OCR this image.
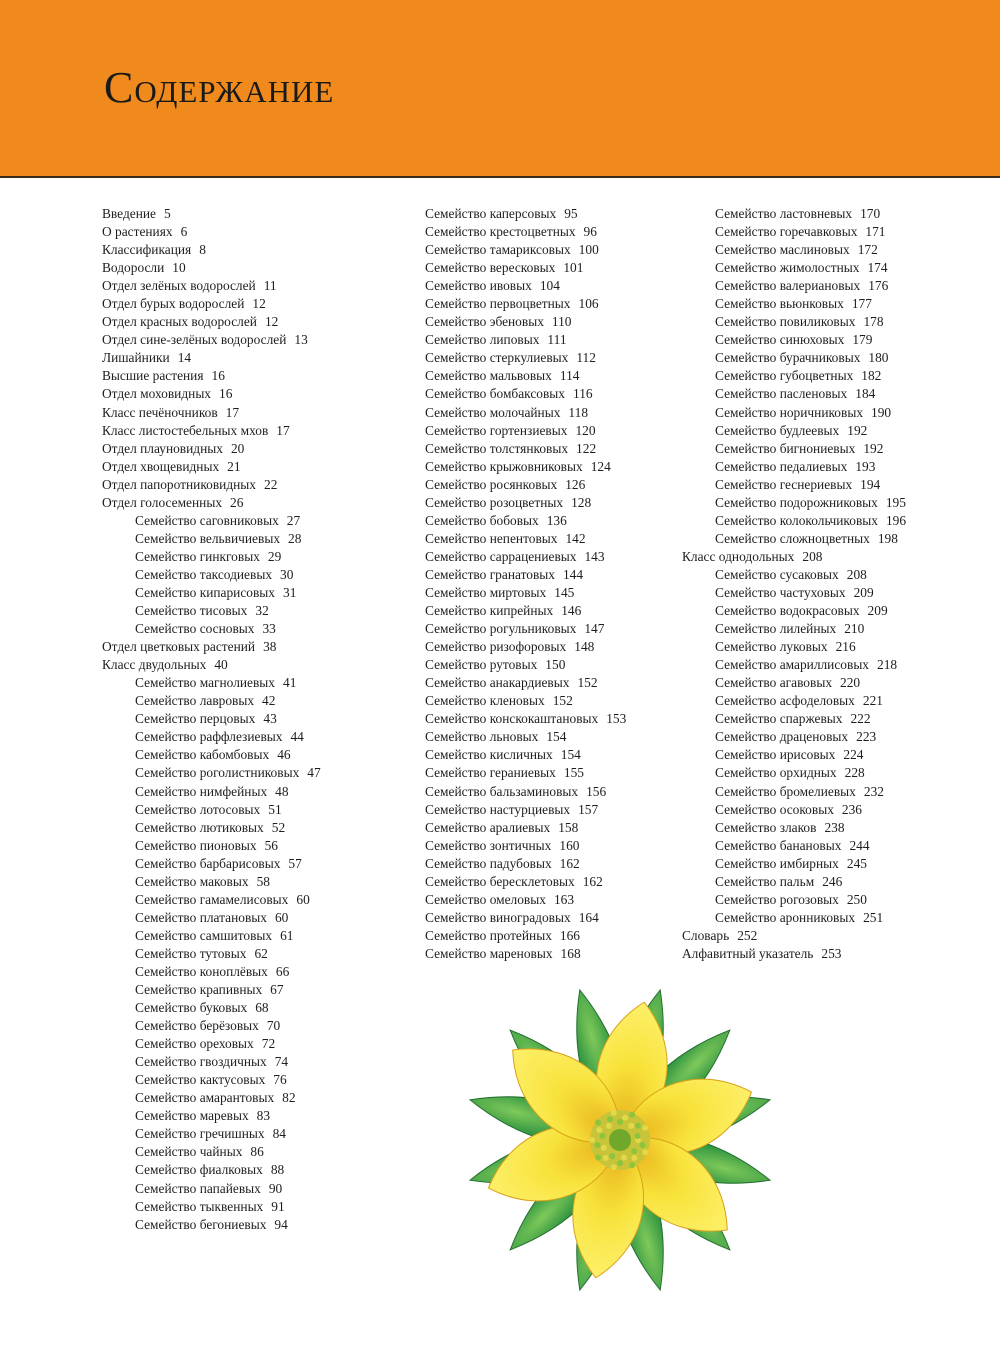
Содержание
Введение 5
О растениях 6
Классификация 8
Водоросли 10
Отдел зелёных водорослей 11
Отдел бурых водорослей 12
Отдел красных водорослей 12
Отдел сине-зелёных водорослей 13
Лишайники 14
Высшие растения 16
Отдел моховидных 16
Класс печёночников 17
Класс листостебельных мхов 17
Отдел плауновидных 20
Отдел хвощевидных 21
Отдел папоротниковидных 22
Отдел голосеменных 26
Семейство саговниковых 27
Семейство вельвичиевых 28
Семейство гинкговых 29
Семейство таксодиевых 30
Семейство кипарисовых 31
Семейство тисовых 32
Семейство сосновых 33
Отдел цветковых растений 38
Класс двудольных 40
Семейство магнолиевых 41
Семейство лавровых 42
Семейство перцовых 43
Семейство раффлезиевых 44
Семейство кабомбовых 46
Семейство роголистниковых 47
Семейство нимфейных 48
Семейство лотосовых 51
Семейство лютиковых 52
Семейство пионовых 56
Семейство барбарисовых 57
Семейство маковых 58
Семейство гамамелисовых 60
Семейство платановых 60
Семейство самшитовых 61
Семейство тутовых 62
Семейство коноплёвых 66
Семейство крапивных 67
Семейство буковых 68
Семейство берёзовых 70
Семейство ореховых 72
Семейство гвоздичных 74
Семейство кактусовых 76
Семейство амарантовых 82
Семейство маревых 83
Семейство гречишных 84
Семейство чайных 86
Семейство фиалковых 88
Семейство папайевых 90
Семейство тыквенных 91
Семейство бегониевых 94
Семейство каперсовых 95
Семейство крестоцветных 96
Семейство тамариксовых 100
Семейство вересковых 101
Семейство ивовых 104
Семейство первоцветных 106
Семейство эбеновых 110
Семейство липовых 111
Семейство стеркулиевых 112
Семейство мальвовых 114
Семейство бомбаксовых 116
Семейство молочайных 118
Семейство гортензиевых 120
Семейство толстянковых 122
Семейство крыжовниковых 124
Семейство росянковых 126
Семейство розоцветных 128
Семейство бобовых 136
Семейство непентовых 142
Семейство саррацениевых 143
Семейство гранатовых 144
Семейство миртовых 145
Семейство кипрейных 146
Семейство рогульниковых 147
Семейство ризофоровых 148
Семейство рутовых 150
Семейство анакардиевых 152
Семейство кленовых 152
Семейство конскокаштановых 153
Семейство льновых 154
Семейство кисличных 154
Семейство гераниевых 155
Семейство бальзаминовых 156
Семейство настурциевых 157
Семейство аралиевых 158
Семейство зонтичных 160
Семейство падубовых 162
Семейство бересклетовых 162
Семейство омеловых 163
Семейство виноградовых 164
Семейство протейных 166
Семейство мареновых 168
Семейство ластовневых 170
Семейство горечавковых 171
Семейство маслиновых 172
Семейство жимолостных 174
Семейство валериановых 176
Семейство вьюнковых 177
Семейство повиликовых 178
Семейство синюховых 179
Семейство бурачниковых 180
Семейство губоцветных 182
Семейство пасленовых 184
Семейство норичниковых 190
Семейство будлеевых 192
Семейство бигнониевых 192
Семейство педалиевых 193
Семейство геснериевых 194
Семейство подорожниковых 195
Семейство колокольчиковых 196
Семейство сложноцветных 198
Класс однодольных 208
Семейство сусаковых 208
Семейство частуховых 209
Семейство водокрасовых 209
Семейство лилейных 210
Семейство луковых 216
Семейство амариллисовых 218
Семейство агавовых 220
Семейство асфоделовых 221
Семейство спаржевых 222
Семейство драценовых 223
Семейство ирисовых 224
Семейство орхидных 228
Семейство бромелиевых 232
Семейство осоковых 236
Семейство злаков 238
Семейство банановых 244
Семейство имбирных 245
Семейство пальм 246
Семейство рогозовых 250
Семейство аронниковых 251
Словарь 252
Алфавитный указатель 253
